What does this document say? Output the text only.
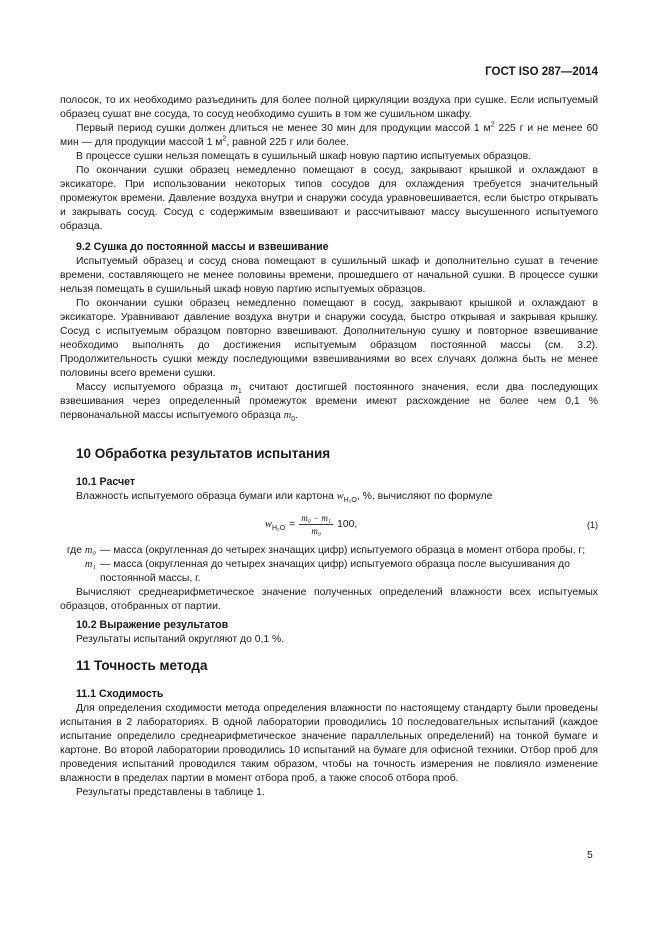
ГОСТ ISO 287—2014

полосок, то их необходимо разъединить для более полной циркуляции воздуха при сушке. Если испытуемый образец сушат вне сосуда, то сосуд необходимо сушить в том же сушильном шкафу.

Первый период сушки должен длиться не менее 30 мин для продукции массой 1 $м^2$ 225 г и не менее 60 мин — для продукции массой 1 $м^2$, равной 225 г или более.

В процессе сушки нельзя помещать в сушильный шкаф новую партию испытуемых образцов.

По окончании сушки образец немедленно помещают в сосуд, закрывают крышкой и охлаждают в эксикаторе. При использовании некоторых типов сосудов для охлаждения требуется значительный промежуток времени. Давление воздуха внутри и снаружи сосуда уравновешивается, если быстро открывать и закрывать сосуд. Сосуд с содержимым взвешивают и рассчитывают массу высушенного испытуемого образца.

9.2 Сушка до постоянной массы и взвешивание

Испытуемый образец и сосуд снова помещают в сушильный шкаф и дополнительно сушат в течение времени, составляющего не менее половины времени, прошедшего от начальной сушки. В процессе сушки нельзя помещать в сушильный шкаф новую партию испытуемых образцов.

По окончании сушки образец немедленно помещают в сосуд, закрывают крышкой и охлаждают в эксикаторе. Уравнивают давление воздуха внутри и снаружи сосуда, быстро открывая и закрывая крышку. Сосуд с испытуемым образцом повторно взвешивают. Дополнительную сушку и повторное взвешивание необходимо выполнять до достижения испытуемым образцом постоянной массы (см. 3.2). Продолжительность сушки между последующими взвешиваниями во всех случаях должна быть не менее половины всего времени сушки.

Массу испытуемого образца $m_1$ считают достигшей постоянного значения, если два последующих взвешивания через определенный промежуток времени имеют расхождение не более чем 0,1 % первоначальной массы испытуемого образца $m_0$.

10 Обработка результатов испытания
10.1 Расчет

Влажность испытуемого образца бумаги или картона $w_{H_2O}$, %, вычисляют по формуле

$w_{H_2O} = \frac{\text{m₀ − m₁}}{\text{m₀}} 100$,	(1)
где m₀ — масса (округленная до четырех значащих цифр) испытуемого образца в момент отбора пробы, г;
m₁ — масса (округленная до четырех значащих цифр) испытуемого образца после высушивания до постоянной массы, г.

Вычисляют среднеарифметическое значение полученных определений влажности всех испытуемых образцов, отобранных от партии.

10.2 Выражение результатов

Результаты испытаний округляют до 0,1 %.

11 Точность метода
11.1 Сходимость

Для определения сходимости метода определения влажности по настоящему стандарту были проведены испытания в 2 лабораториях. В одной лаборатории проводились 10 последовательных испытаний (каждое испытание определило среднеарифметическое значение параллельных определений) на тонкой бумаге и картоне. Во второй лаборатории проводились 10 испытаний на бумаге для офисной техники. Отбор проб для проведения испытаний проводился таким образом, чтобы на точность измерения не повлияло изменение влажности в пределах партии в момент отбора проб, а также способ отбора проб.

Результаты представлены в таблице 1.

5
